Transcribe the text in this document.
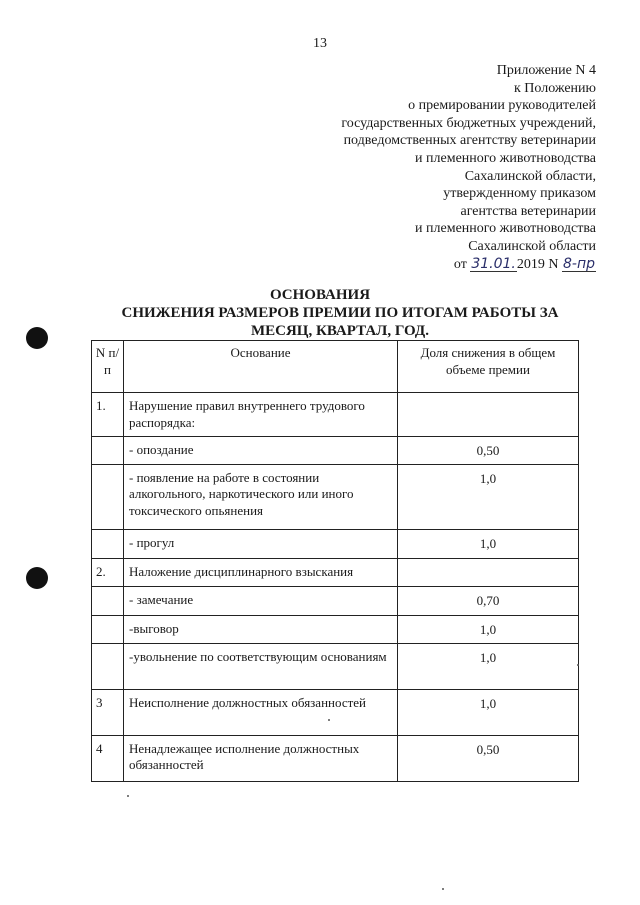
13
Приложение N 4
к Положению
о премировании руководителей
государственных бюджетных учреждений,
подведомственных агентству ветеринарии
и племенного животноводства
Сахалинской области,
утвержденному приказом
агентства ветеринарии
и племенного животноводства
Сахалинской области
от 31.01.2019 N 8-пр
ОСНОВАНИЯ
СНИЖЕНИЯ РАЗМЕРОВ ПРЕМИИ ПО ИТОГАМ РАБОТЫ ЗА
МЕСЯЦ, КВАРТАЛ, ГОД.
N п/п	Основание	Доля снижения в общем объеме премии
1.	Нарушение правил внутреннего трудового распорядка:	
	- опоздание	0,50
	- появление на работе в состоянии алкогольного, наркотического или иного токсического опьянения	1,0
	- прогул	1,0
2.	Наложение дисциплинарного взыскания	
	- замечание	0,70
	-выговор	1,0
	-увольнение по соответствующим основаниям	1,0
3	Неисполнение должностных обязанностей	1,0
4	Ненадлежащее исполнение должностных обязанностей	0,50
